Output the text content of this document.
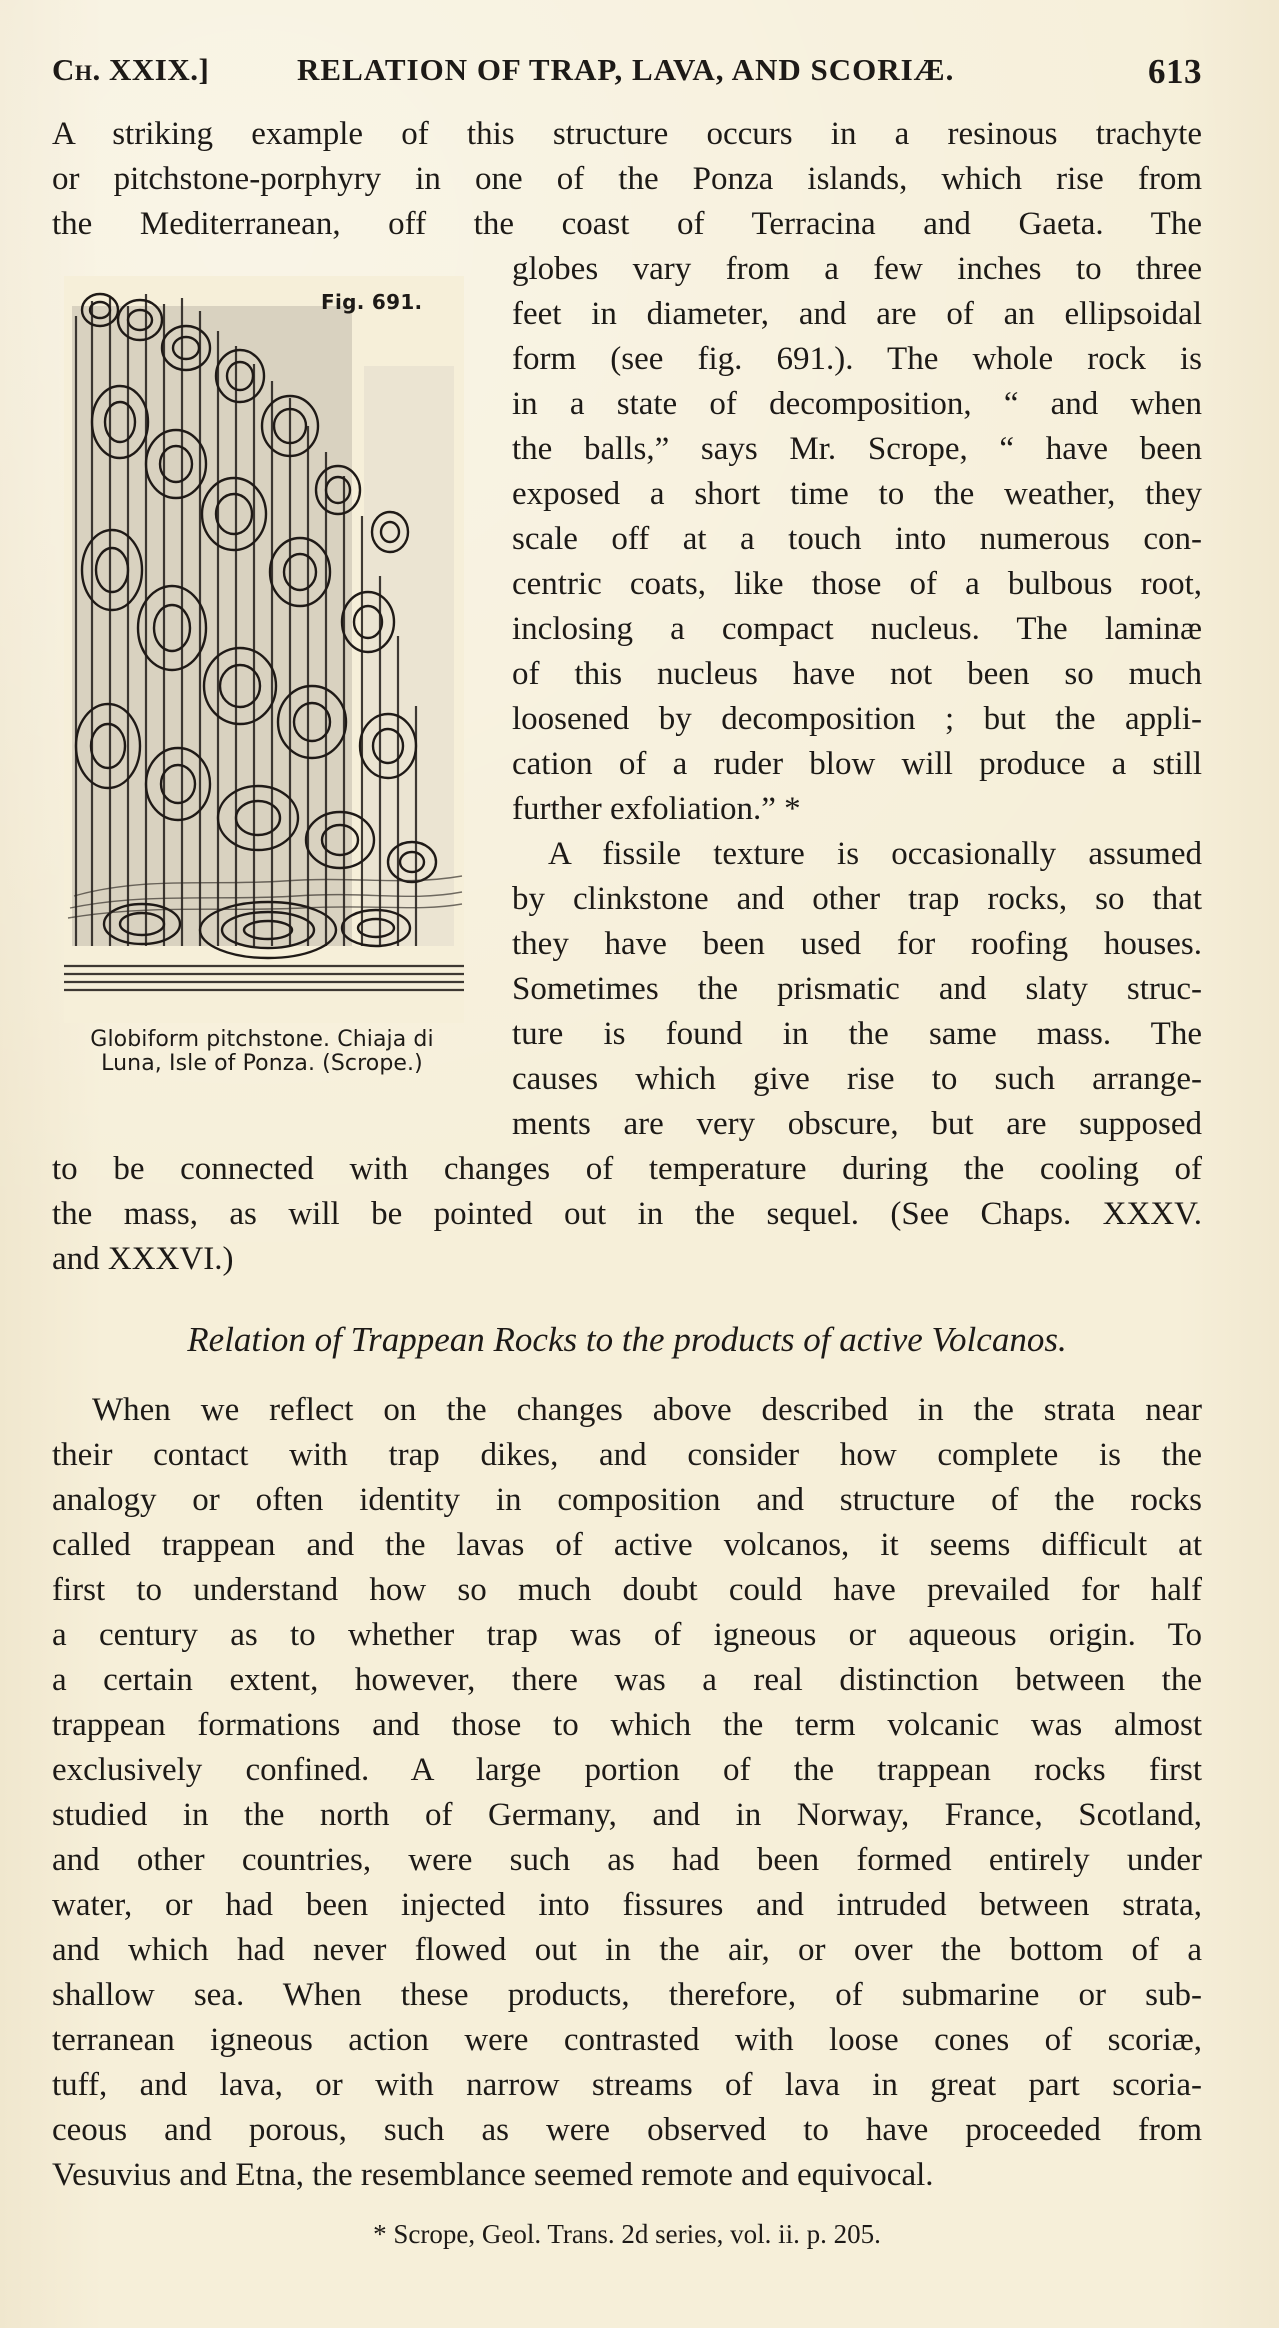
Ch. XXIX.]	RELATION OF TRAP, LAVA, AND SCORIÆ.	613
A striking example of this structure occurs in a resinous trachyte
or pitchstone-porphyry in one of the Ponza islands, which rise from
the Mediterranean, off the coast of Terracina and Gaeta. The
globes vary from a few inches to three
feet in diameter, and are of an ellipsoidal
form (see fig. 691.). The whole rock is
in a state of decomposition, “ and when
the balls,” says Mr. Scrope, “ have been
exposed a short time to the weather, they
scale off at a touch into numerous con-
centric coats, like those of a bulbous root,
inclosing a compact nucleus. The laminæ
of this nucleus have not been so much
loosened by decomposition ; but the appli-
cation of a ruder blow will produce a still
further exfoliation.” *
A fissile texture is occasionally assumed
by clinkstone and other trap rocks, so that
they have been used for roofing houses.
Sometimes the prismatic and slaty struc-
ture is found in the same mass. The
causes which give rise to such arrange-
ments are very obscure, but are supposed
to be connected with changes of temperature during the cooling of
the mass, as will be pointed out in the sequel. (See Chaps. XXXV.
and XXXVI.)
Fig. 691.
Globiform pitchstone. Chiaja di
Luna, Isle of Ponza. (Scrope.)
Relation of Trappean Rocks to the products of active Volcanos.
When we reflect on the changes above described in the strata near
their contact with trap dikes, and consider how complete is the
analogy or often identity in composition and structure of the rocks
called trappean and the lavas of active volcanos, it seems difficult at
first to understand how so much doubt could have prevailed for half
a century as to whether trap was of igneous or aqueous origin. To
a certain extent, however, there was a real distinction between the
trappean formations and those to which the term volcanic was almost
exclusively confined. A large portion of the trappean rocks first
studied in the north of Germany, and in Norway, France, Scotland,
and other countries, were such as had been formed entirely under
water, or had been injected into fissures and intruded between strata,
and which had never flowed out in the air, or over the bottom of a
shallow sea. When these products, therefore, of submarine or sub-
terranean igneous action were contrasted with loose cones of scoriæ,
tuff, and lava, or with narrow streams of lava in great part scoria-
ceous and porous, such as were observed to have proceeded from
Vesuvius and Etna, the resemblance seemed remote and equivocal.
* Scrope, Geol. Trans. 2d series, vol. ii. p. 205.
